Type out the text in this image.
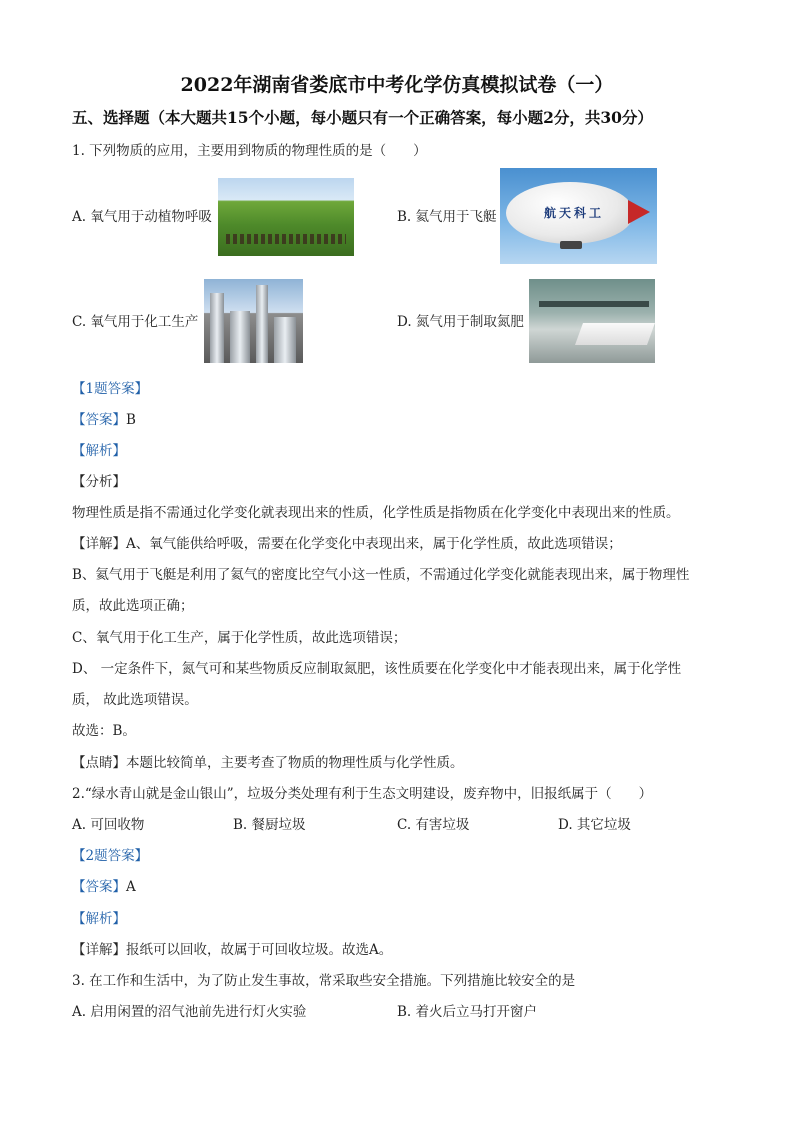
2022年湖南省娄底市中考化学仿真模拟试卷（一）
五、选择题（本大题共15个小题，每小题只有一个正确答案，每小题2分，共30分）
1. 下列物质的应用，主要用到物质的物理性质的是（　　）
A. 氧气用于动植物呼吸	B. 氦气用于飞艇	航天科工
C. 氧气用于化工生产	D. 氮气用于制取氮肥
【1题答案】
【答案】B
【解析】
【分析】
物理性质是指不需通过化学变化就表现出来的性质，化学性质是指物质在化学变化中表现出来的性质。
【详解】A、氧气能供给呼吸，需要在化学变化中表现出来，属于化学性质，故此选项错误；
B、氦气用于飞艇是利用了氦气的密度比空气小这一性质，不需通过化学变化就能表现出来，属于物理性
质，故此选项正确；
C、氧气用于化工生产，属于化学性质，故此选项错误；
D、 一定条件下，氮气可和某些物质反应制取氮肥，该性质要在化学变化中才能表现出来，属于化学性
质， 故此选项错误。
故选：B。
【点睛】本题比较简单，主要考查了物质的物理性质与化学性质。
2.“绿水青山就是金山银山”，垃圾分类处理有利于生态文明建设，废弃物中，旧报纸属于（　　）
A. 可回收物	B. 餐厨垃圾	C. 有害垃圾	D. 其它垃圾
【2题答案】
【答案】A
【解析】
【详解】报纸可以回收，故属于可回收垃圾。故选A。
3. 在工作和生活中，为了防止发生事故，常采取些安全措施。下列措施比较安全的是
A. 启用闲置的沼气池前先进行灯火实验	B. 着火后立马打开窗户
